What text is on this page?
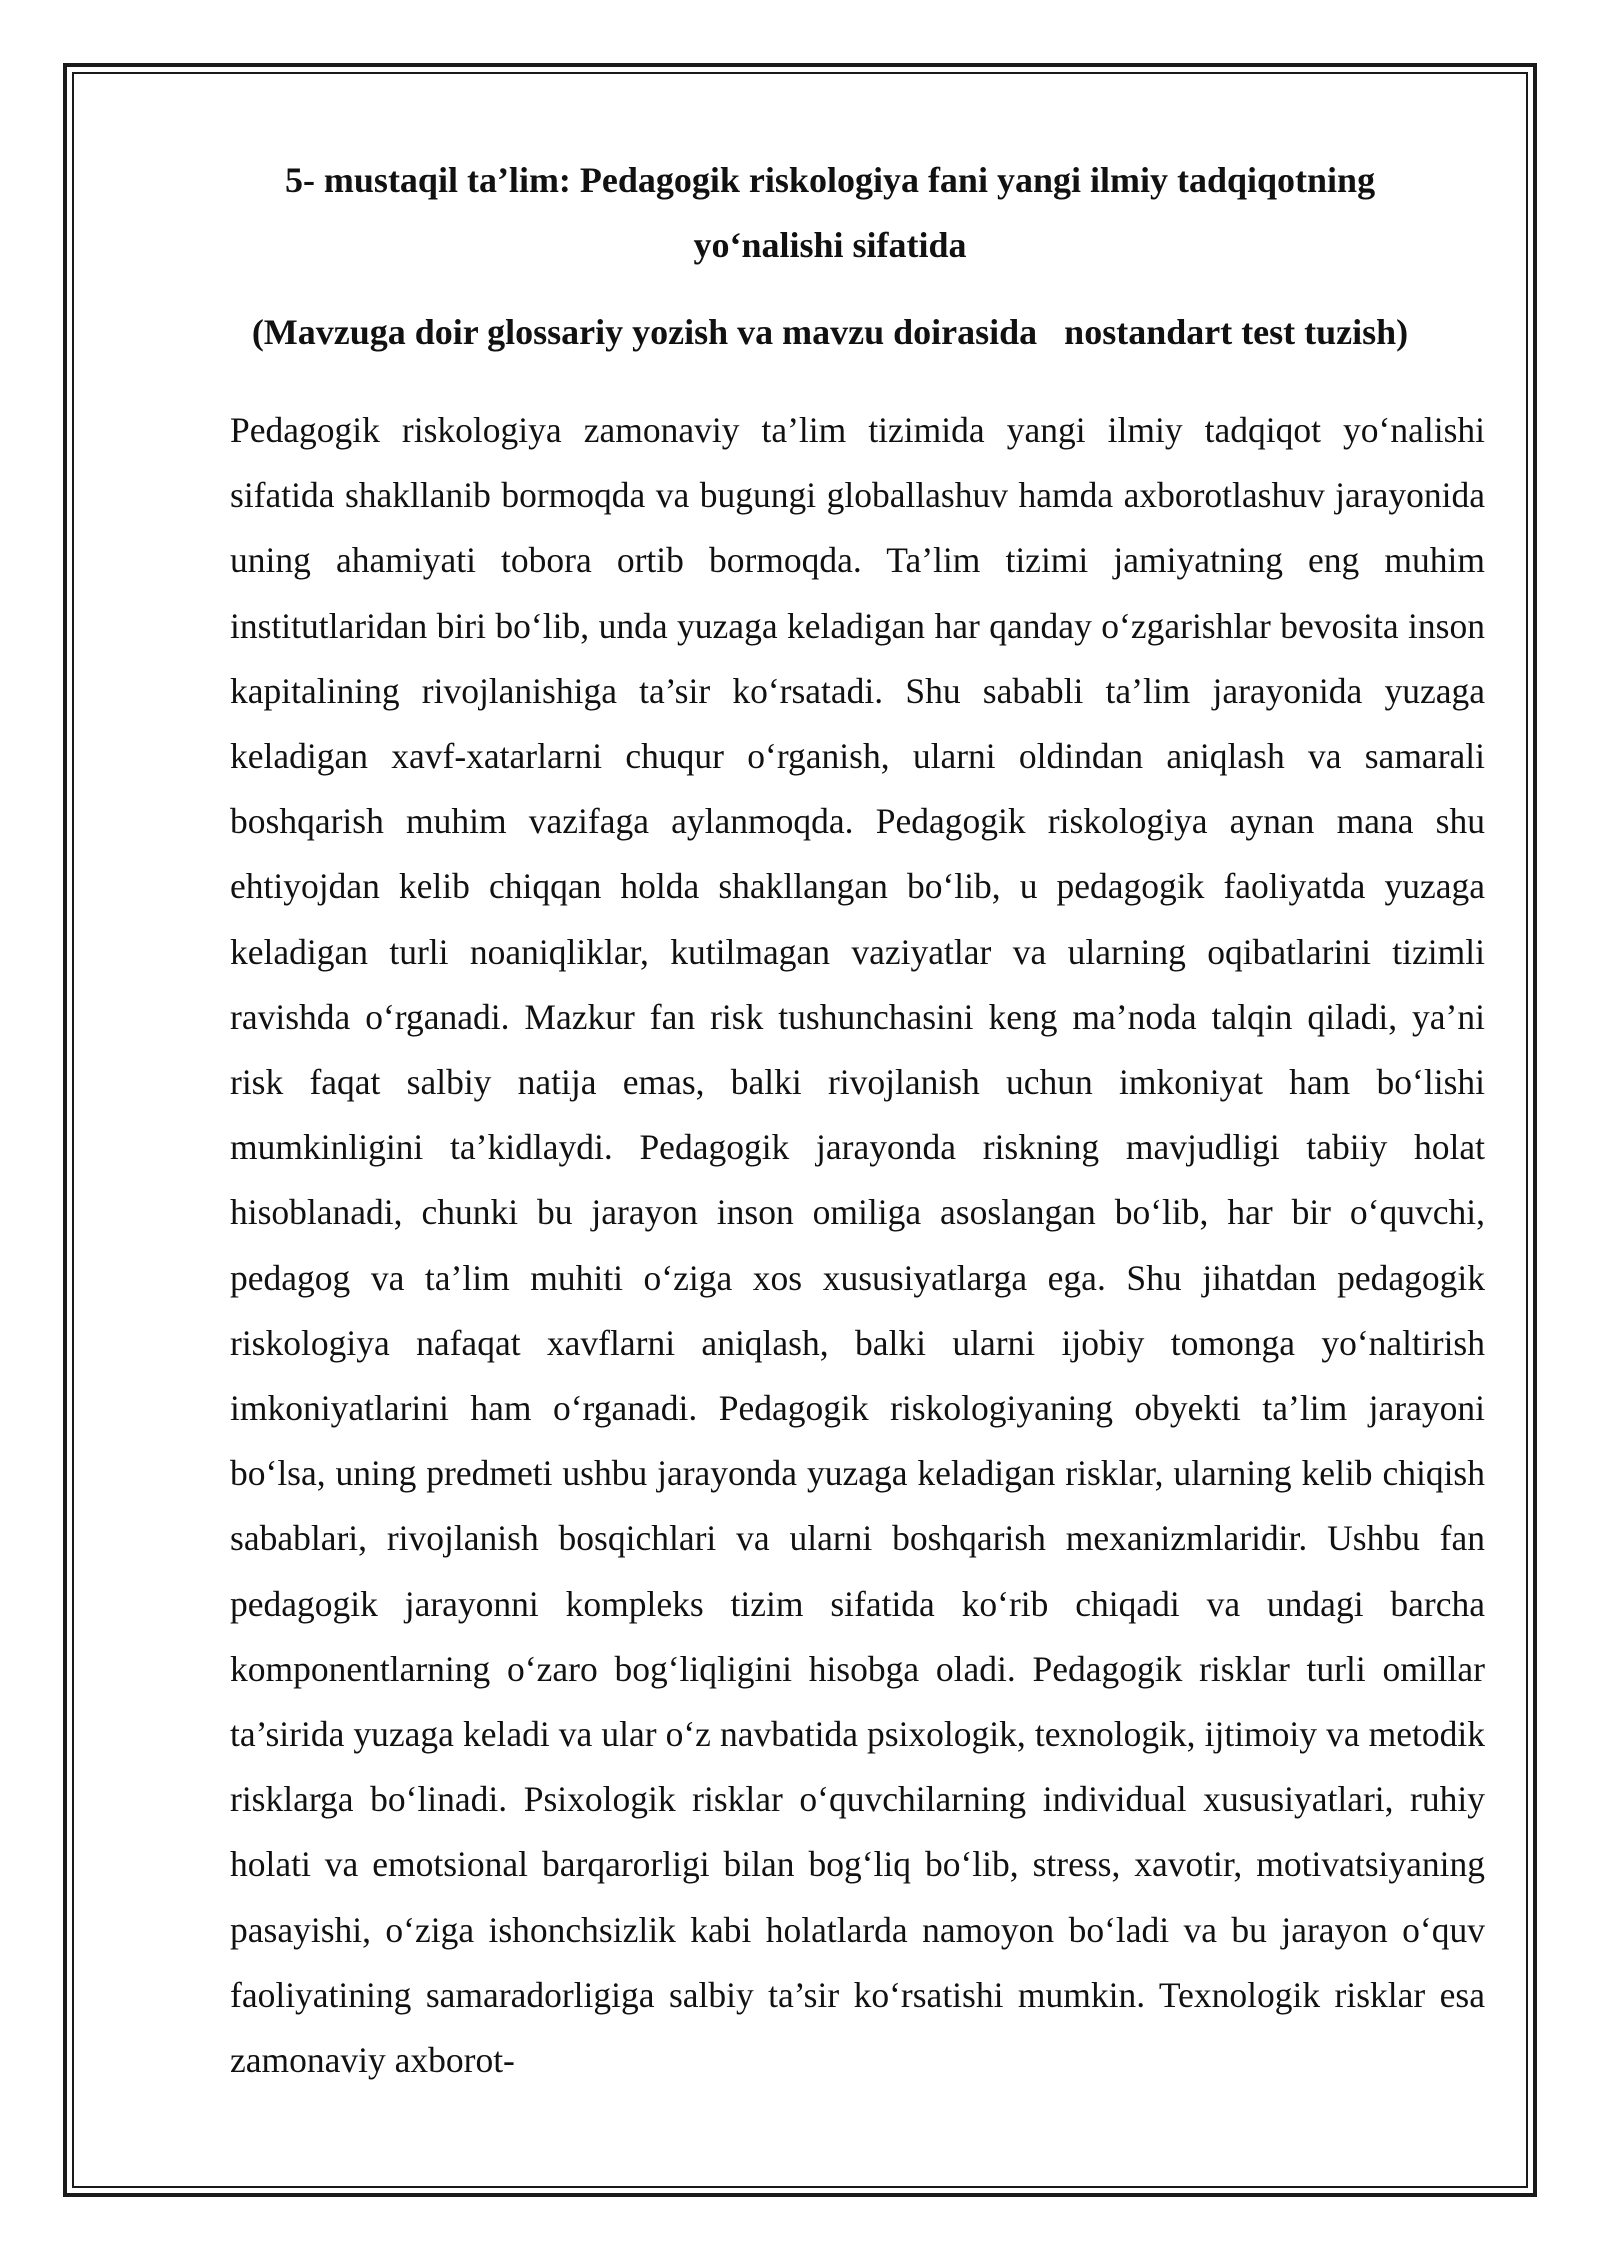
5- mustaqil ta’lim: Pedagogik riskologiya fani yangi ilmiy tadqiqotning yo‘nalishi sifatida
(Mavzuga doir glossariy yozish va mavzu doirasida   nostandart test tuzish)

Pedagogik riskologiya zamonaviy ta’lim tizimida yangi ilmiy tadqiqot yo‘nalishi sifatida shakllanib bormoqda va bugungi globallashuv hamda axborotlashuv jarayonida uning ahamiyati tobora ortib bormoqda. Ta’lim tizimi jamiyatning eng muhim institutlaridan biri bo‘lib, unda yuzaga keladigan har qanday o‘zgarishlar bevosita inson kapitalining rivojlanishiga ta’sir ko‘rsatadi. Shu sababli ta’lim jarayonida yuzaga keladigan xavf-xatarlarni chuqur o‘rganish, ularni oldindan aniqlash va samarali boshqarish muhim vazifaga aylanmoqda. Pedagogik riskologiya aynan mana shu ehtiyojdan kelib chiqqan holda shakllangan bo‘lib, u pedagogik faoliyatda yuzaga keladigan turli noaniqliklar, kutilmagan vaziyatlar va ularning oqibatlarini tizimli ravishda o‘rganadi. Mazkur fan risk tushunchasini keng ma’noda talqin qiladi, ya’ni risk faqat salbiy natija emas, balki rivojlanish uchun imkoniyat ham bo‘lishi mumkinligini ta’kidlaydi. Pedagogik jarayonda riskning mavjudligi tabiiy holat hisoblanadi, chunki bu jarayon inson omiliga asoslangan bo‘lib, har bir o‘quvchi, pedagog va ta’lim muhiti o‘ziga xos xususiyatlarga ega. Shu jihatdan pedagogik riskologiya nafaqat xavflarni aniqlash, balki ularni ijobiy tomonga yo‘naltirish imkoniyatlarini ham o‘rganadi. Pedagogik riskologiyaning obyekti ta’lim jarayoni bo‘lsa, uning predmeti ushbu jarayonda yuzaga keladigan risklar, ularning kelib chiqish sabablari, rivojlanish bosqichlari va ularni boshqarish mexanizmlaridir. Ushbu fan pedagogik jarayonni kompleks tizim sifatida ko‘rib chiqadi va undagi barcha komponentlarning o‘zaro bog‘liqligini hisobga oladi. Pedagogik risklar turli omillar ta’sirida yuzaga keladi va ular o‘z navbatida psixologik, texnologik, ijtimoiy va metodik risklarga bo‘linadi. Psixologik risklar o‘quvchilarning individual xususiyatlari, ruhiy holati va emotsional barqarorligi bilan bog‘liq bo‘lib, stress, xavotir, motivatsiyaning pasayishi, o‘ziga ishonchsizlik kabi holatlarda namoyon bo‘ladi va bu jarayon o‘quv faoliyatining samaradorligiga salbiy ta’sir ko‘rsatishi mumkin. Texnologik risklar esa zamonaviy axborot-
